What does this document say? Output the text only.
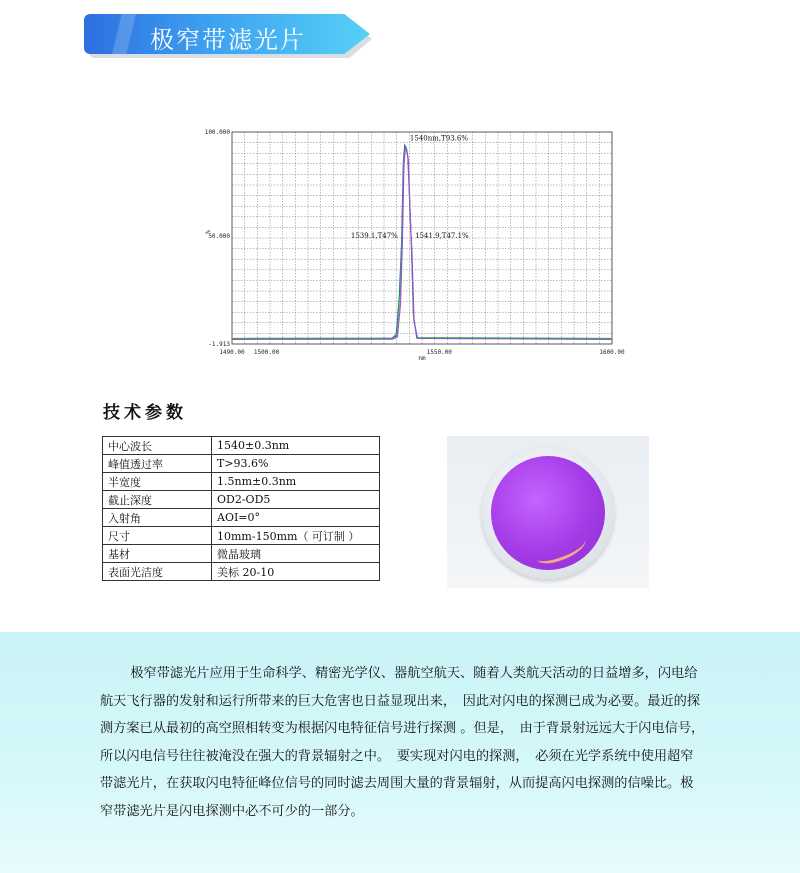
极窄带滤光片
100.000
50.000
-1.913
1490.00 1500.00	1550.00	1600.00
%
nm
1540nm,T93.6%
1539.1,T47% 1541.9,T47.1%
技术参数
中心波长	1540±0.3nm
峰值透过率	T>93.6%
半宽度	1.5nm±0.3nm
截止深度	OD2-OD5
入射角	AOI=0°
尺寸	10mm-150mm（ 可订制 ）
基材	微晶玻璃
表面光洁度	美标 20-10

极窄带滤光片应用于生命科学、精密光学仪、器航空航天、随着人类航天活动的日益增多，闪电给航天飞行器的发射和运行所带来的巨大危害也日益显现出来，　因此对闪电的探测已成为必要。最近的探测方案已从最初的高空照相转变为根据闪电特征信号进行探测 。但是，　由于背景射远远大于闪电信号，　所以闪电信号往往被淹没在强大的背景辐射之中。　要实现对闪电的探测，　必须在光学系统中使用超窄带滤光片，在获取闪电特征峰位信号的同时滤去周围大量的背景辐射，从而提高闪电探测的信噪比。极窄带滤光片是闪电探测中必不可少的一部分。
